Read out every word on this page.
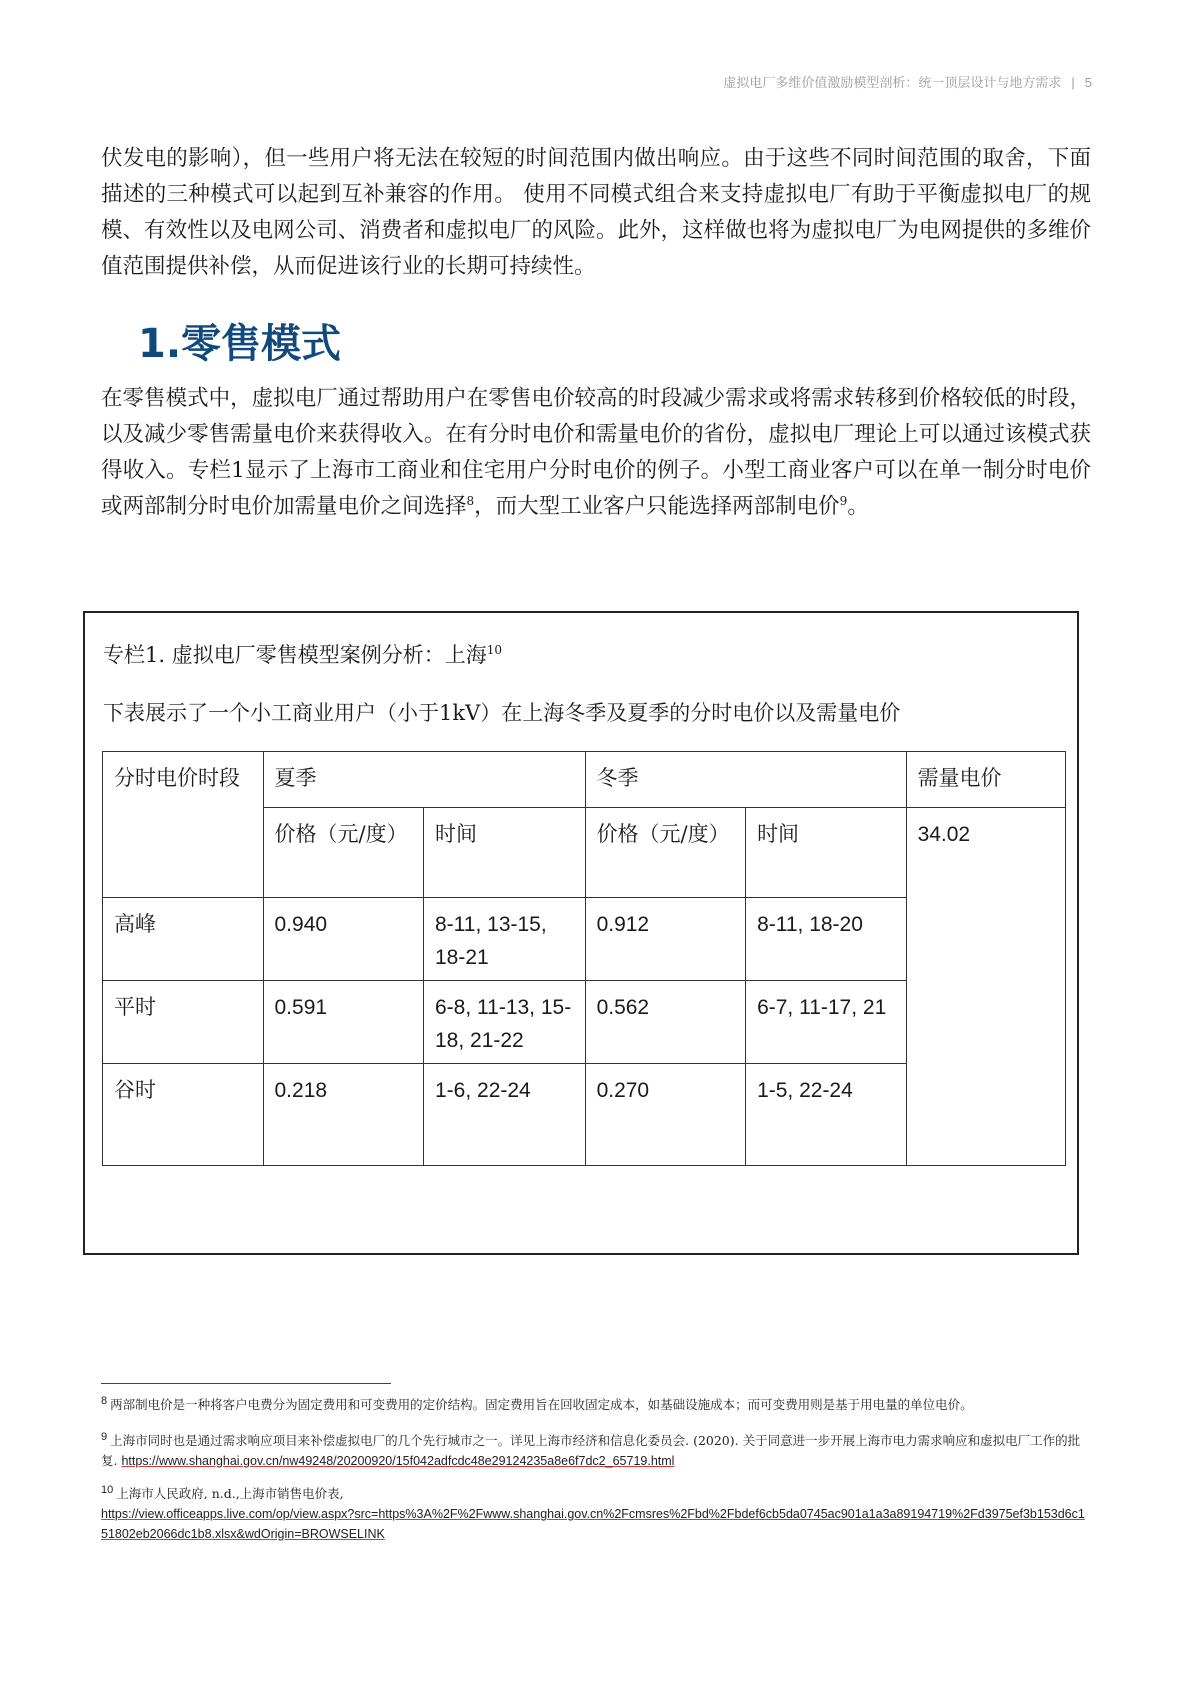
虚拟电厂多维价值激励模型剖析：统一顶层设计与地方需求 | 5

伏发电的影响），但一些用户将无法在较短的时间范围内做出响应。由于这些不同时间范围的取舍，下面描述的三种模式可以起到互补兼容的作用。 使用不同模式组合来支持虚拟电厂有助于平衡虚拟电厂的规模、有效性以及电网公司、消费者和虚拟电厂的风险。此外，这样做也将为虚拟电厂为电网提供的多维价值范围提供补偿，从而促进该行业的长期可持续性。

1.零售模式

在零售模式中，虚拟电厂通过帮助用户在零售电价较高的时段减少需求或将需求转移到价格较低的时段，以及减少零售需量电价来获得收入。在有分时电价和需量电价的省份，虚拟电厂理论上可以通过该模式获得收入。专栏1显示了上海市工商业和住宅用户分时电价的例子。小型工商业客户可以在单一制分时电价或两部制分时电价加需量电价之间选择$^8$，而大型工业客户只能选择两部制电价$^9$。

专栏1. 虚拟电厂零售模型案例分析：上海$^{10}$

下表展示了一个小工商业用户（小于1kV）在上海冬季及夏季的分时电价以及需量电价

分时电价时段	夏季		冬季		需量电价
	价格（元/度）	时间	价格（元/度）	时间	34.02
高峰	0.940	8-11, 13-15, 18-21	0.912	8-11, 18-20	
平时	0.591	6-8, 11-13, 15-18, 21-22	0.562	6-7, 11-17, 21	
谷时	0.218	1-6, 22-24	0.270	1-5, 22-24	

8 两部制电价是一种将客户电费分为固定费用和可变费用的定价结构。固定费用旨在回收固定成本，如基础设施成本；而可变费用则是基于用电量的单位电价。

9 上海市同时也是通过需求响应项目来补偿虚拟电厂的几个先行城市之一。详见上海市经济和信息化委员会. (2020). 关于同意进一步开展上海市电力需求响应和虚拟电厂工作的批复. https://www.shanghai.gov.cn/nw49248/20200920/15f042adfcdc48e29124235a8e6f7dc2_65719.html

10 上海市人民政府, n.d.,上海市销售电价表,
https://view.officeapps.live.com/op/view.aspx?src=https%3A%2F%2Fwww.shanghai.gov.cn%2Fcmsres%2Fbd%2Fbdef6cb5da0745ac901a1a3a89194719%2Fd3975ef3b153d6c151802eb2066dc1b8.xlsx&wdOrigin=BROWSELINK
